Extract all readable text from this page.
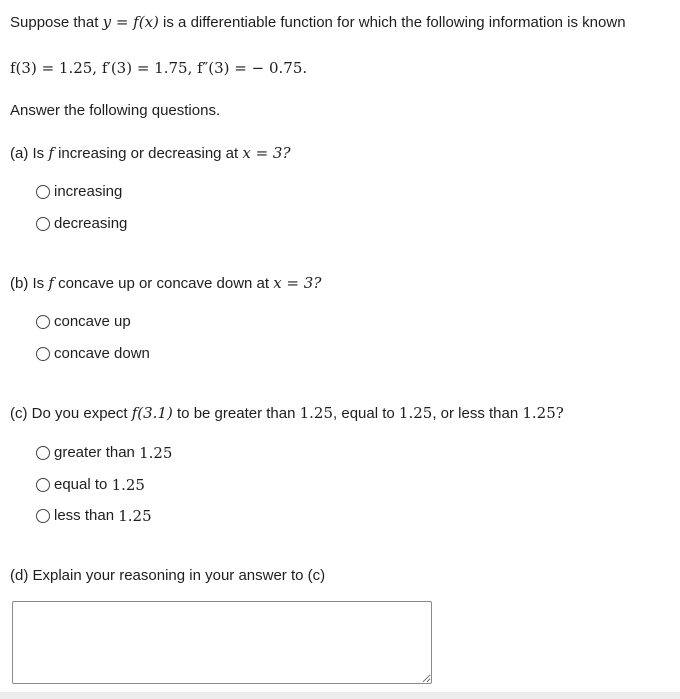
Suppose that y = f(x) is a differentiable function for which the following information is known
f(3) = 1.25, f′(3) = 1.75, f″(3) = − 0.75.
Answer the following questions.
(a) Is f increasing or decreasing at x = 3?
increasing
decreasing
(b) Is f concave up or concave down at x = 3?
concave up
concave down
(c) Do you expect f(3.1) to be greater than 1.25, equal to 1.25, or less than 1.25?
greater than
1.25
equal to
1.25
less than
1.25
(d) Explain your reasoning in your answer to (c)
